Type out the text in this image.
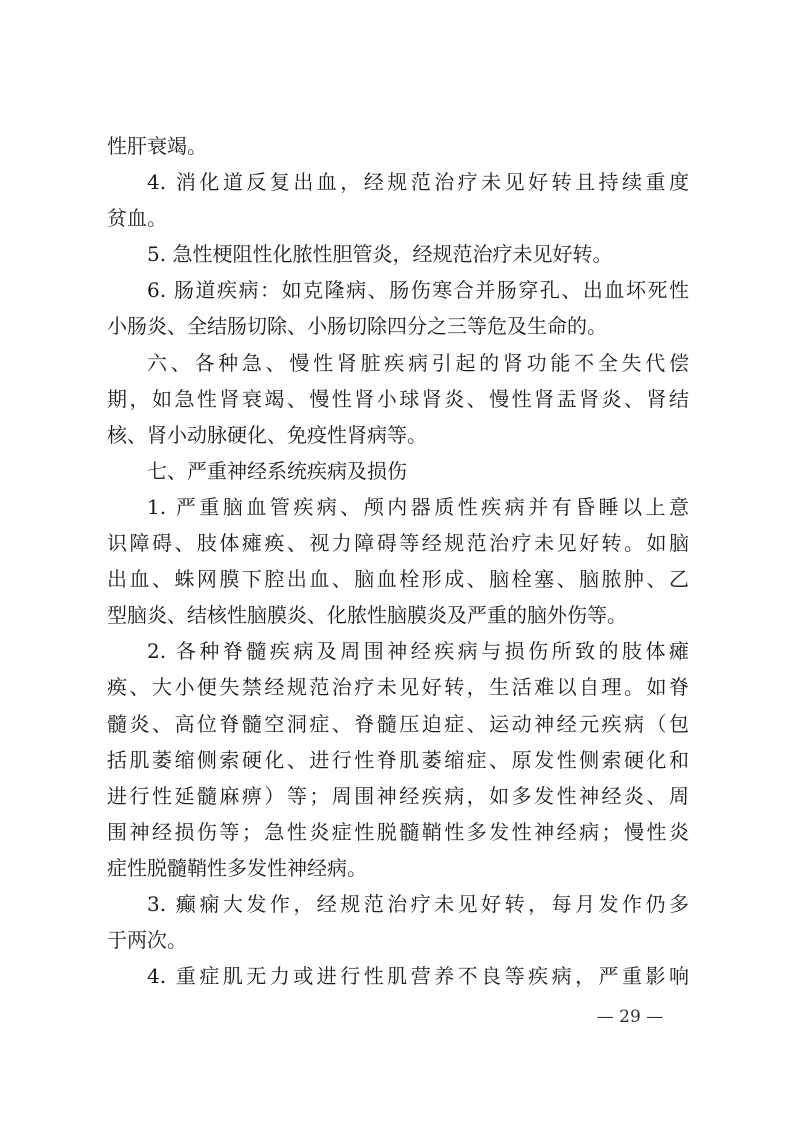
性肝衰竭。
4. 消化道反复出血，经规范治疗未见好转且持续重度
贫血。
5. 急性梗阻性化脓性胆管炎，经规范治疗未见好转。
6. 肠道疾病：如克隆病、肠伤寒合并肠穿孔、出血坏死性
小肠炎、全结肠切除、小肠切除四分之三等危及生命的。
六、各种急、慢性肾脏疾病引起的肾功能不全失代偿
期，如急性肾衰竭、慢性肾小球肾炎、慢性肾盂肾炎、肾结
核、肾小动脉硬化、免疫性肾病等。
七、严重神经系统疾病及损伤
1. 严重脑血管疾病、颅内器质性疾病并有昏睡以上意
识障碍、肢体瘫痪、视力障碍等经规范治疗未见好转。如脑
出血、蛛网膜下腔出血、脑血栓形成、脑栓塞、脑脓肿、乙
型脑炎、结核性脑膜炎、化脓性脑膜炎及严重的脑外伤等。
2. 各种脊髓疾病及周围神经疾病与损伤所致的肢体瘫
痪、大小便失禁经规范治疗未见好转，生活难以自理。如脊
髓炎、高位脊髓空洞症、脊髓压迫症、运动神经元疾病（包
括肌萎缩侧索硬化、进行性脊肌萎缩症、原发性侧索硬化和
进行性延髓麻痹）等；周围神经疾病，如多发性神经炎、周
围神经损伤等；急性炎症性脱髓鞘性多发性神经病；慢性炎
症性脱髓鞘性多发性神经病。
3. 癫痫大发作，经规范治疗未见好转，每月发作仍多
于两次。
4. 重症肌无力或进行性肌营养不良等疾病，严重影响
— 29 —
